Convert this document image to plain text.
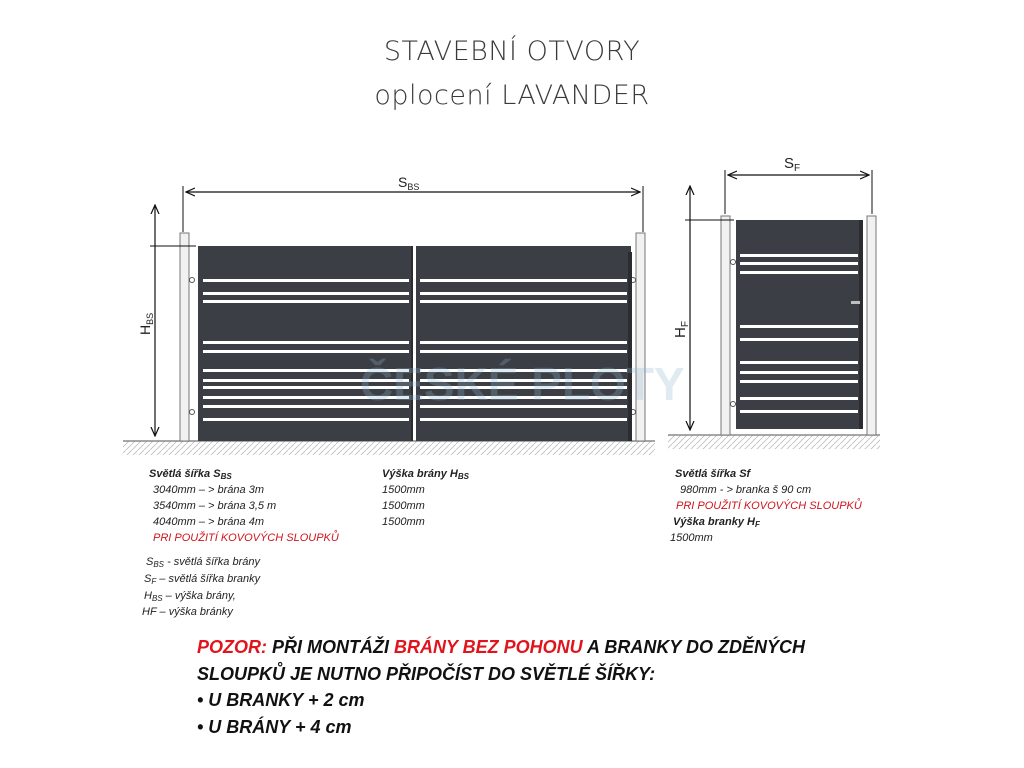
STAVEBNÍ OTVORY
oplocení LAVANDER
$S_{BS}$
$H_{BS}$
$S_F$
$H_F$
ČESKÉ PLOTY
Světlá šířka SBS
3040mm – > brána 3m
3540mm – > brána 3,5 m
4040mm – > brána 4m
PRI POUŽITÍ KOVOVÝCH SLOUPKŮ
Výška brány HBS
1500mm
1500mm
1500mm
Světlá šířka Sf
980mm - > branka š 90 cm
PRI POUŽITÍ KOVOVÝCH SLOUPKŮ
Výška branky HF
1500mm
SBS - světlá šířka brány
SF – světlá šířka branky
HBS – výška brány,
HF – výška bránky
POZOR: PŘI MONTÁŽI BRÁNY BEZ POHONU A BRANKY DO ZDĚNÝCH
SLOUPKŮ JE NUTNO PŘIPOČÍST DO SVĚTLÉ ŠÍŘKY:
• U BRANKY + 2 cm
• U BRÁNY + 4 cm
